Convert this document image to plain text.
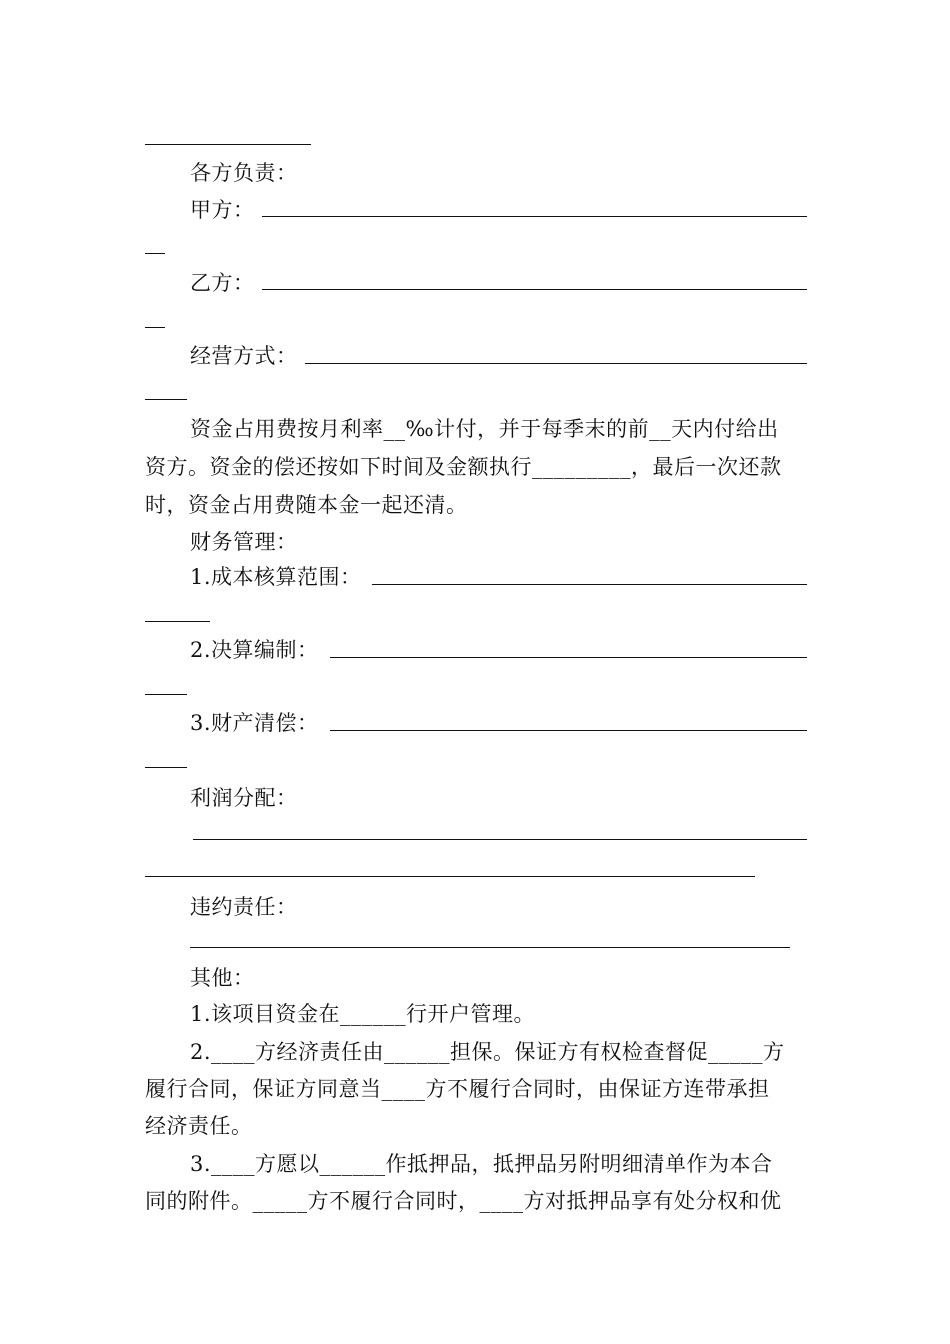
各方负责：
甲方：
乙方：
经营方式：
资金占用费按月利率__‰计付，并于每季末的前__天内付给出
资方。资金的偿还按如下时间及金额执行_________，最后一次还款
时，资金占用费随本金一起还清。
财务管理：
1.成本核算范围：
2.决算编制：
3.财产清偿：
利润分配：
违约责任：
其他：
1.该项目资金在______行开户管理。
2.____方经济责任由______担保。保证方有权检查督促_____方
履行合同，保证方同意当____方不履行合同时，由保证方连带承担
经济责任。
3.____方愿以______作抵押品，抵押品另附明细清单作为本合
同的附件。_____方不履行合同时，____方对抵押品享有处分权和优
